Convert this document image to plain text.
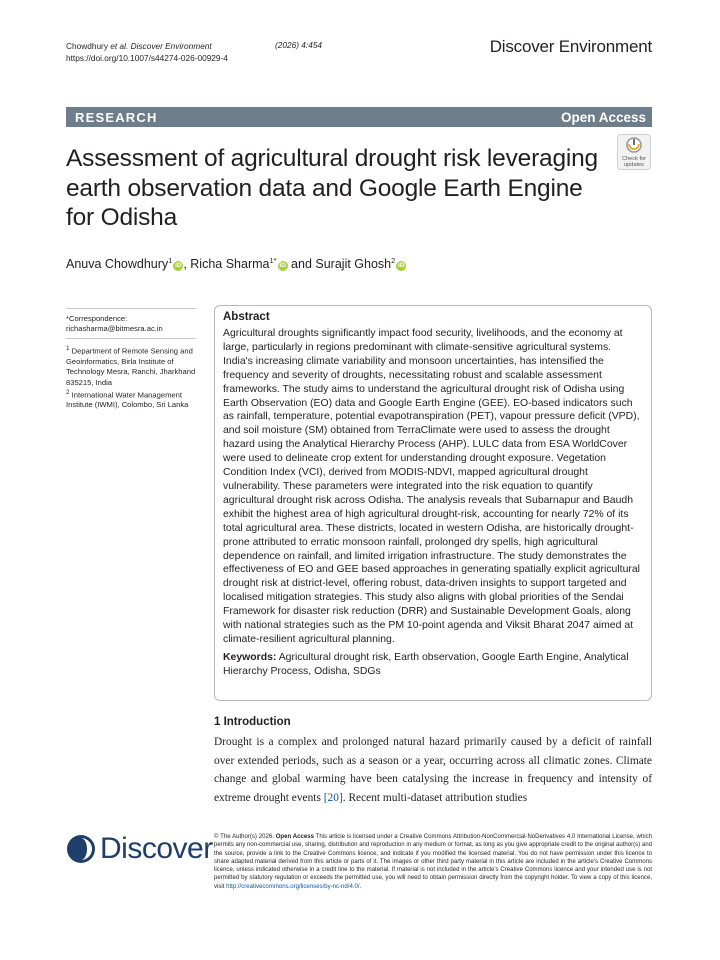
Chowdhury et al. Discover Environment
https://doi.org/10.1007/s44274-026-00929-4
(2026) 4:454	Discover Environment
RESEARCH	Open Access
Assessment of agricultural drought risk leveraging earth observation data and Google Earth Engine for Odisha
Check for
updates
Anuva Chowdhury$^1$iD , Richa Sharma$^{1*}$iD and Surajit Ghosh$^2$iD
*Correspondence:
richasharma@bitmesra.ac.in
$^1$ Department of Remote Sensing and Geoinformatics, Birla Institute of Technology Mesra, Ranchi, Jharkhand 835215, India
$^2$ International Water Management Institute (IWMI), Colombo, Sri Lanka
Abstract

Agricultural droughts significantly impact food security, livelihoods, and the economy at large, particularly in regions predominant with climate-sensitive agricultural systems. India's increasing climate variability and monsoon uncertainties, has intensified the frequency and severity of droughts, necessitating robust and scalable assessment frameworks. The study aims to understand the agricultural drought risk of Odisha using Earth Observation (EO) data and Google Earth Engine (GEE). EO-based indicators such as rainfall, temperature, potential evapotranspiration (PET), vapour pressure deficit (VPD), and soil moisture (SM) obtained from TerraClimate were used to assess the drought hazard using the Analytical Hierarchy Process (AHP). LULC data from ESA WorldCover were used to delineate crop extent for understanding drought exposure. Vegetation Condition Index (VCI), derived from MODIS-NDVI, mapped agricultural drought vulnerability. These parameters were integrated into the risk equation to quantify agricultural drought risk across Odisha. The analysis reveals that Subarnapur and Baudh exhibit the highest area of high agricultural drought-risk, accounting for nearly 72% of its total agricultural area. These districts, located in western Odisha, are historically drought-prone attributed to erratic monsoon rainfall, prolonged dry spells, high agricultural dependence on rainfall, and limited irrigation infrastructure. The study demonstrates the effectiveness of EO and GEE based approaches in generating spatially explicit agricultural drought risk at district-level, offering robust, data-driven insights to support targeted and localised mitigation strategies. This study also aligns with global priorities of the Sendai Framework for disaster risk reduction (DRR) and Sustainable Development Goals, along with national strategies such as the PM 10-point agenda and Viksit Bharat 2047 aimed at climate-resilient agricultural planning.

Keywords: Agricultural drought risk, Earth observation, Google Earth Engine, Analytical Hierarchy Process, Odisha, SDGs

1 Introduction
Drought is a complex and prolonged natural hazard primarily caused by a deficit of rainfall over extended periods, such as a season or a year, occurring across all climatic zones. Climate change and global warming have been catalysing the increase in frequency and intensity of extreme drought events [20]. Recent multi-dataset attribution studies
Discover © The Author(s) 2026. Open Access This article is licensed under a Creative Commons Attribution-NonCommercial-NoDerivatives 4.0 International License, which permits any non-commercial use, sharing, distribution and reproduction in any medium or format, as long as you give appropriate credit to the original author(s) and the source, provide a link to the Creative Commons licence, and indicate if you modified the licensed material. You do not have permission under this licence to share adapted material derived from this article or parts of it. The images or other third party material in this article are included in the article's Creative Commons licence, unless indicated otherwise in a credit line to the material. If material is not included in the article's Creative Commons licence and your intended use is not permitted by statutory regulation or exceeds the permitted use, you will need to obtain permission directly from the copyright holder. To view a copy of this licence, visit http://creativecommons.org/licenses/by-nc-nd/4.0/.
